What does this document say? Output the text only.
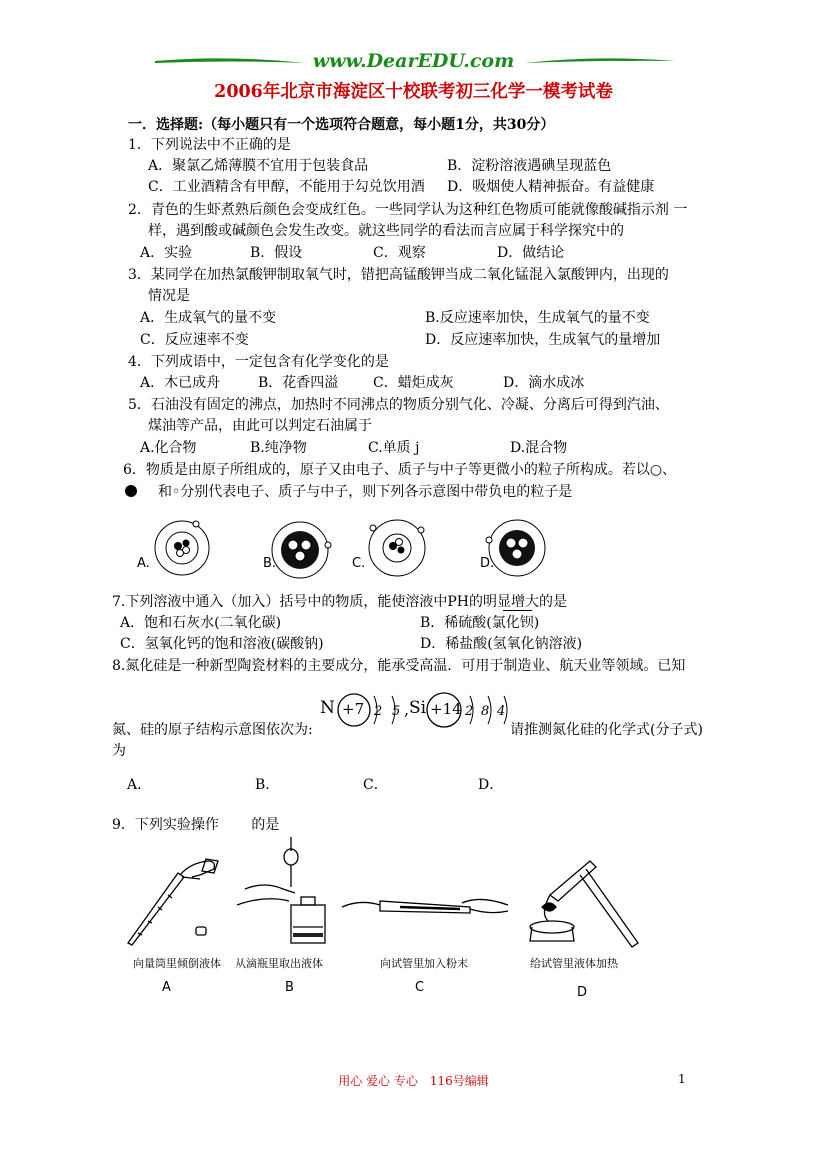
www.DearEDU.com
2006年北京市海淀区十校联考初三化学一模考试卷
一．选择题:（每小题只有一个选项符合题意，每小题1分，共30分）
1．下列说法中不正确的是
A．聚氯乙烯薄膜不宜用于包装食品	B．淀粉溶液遇碘呈现蓝色
C．工业酒精含有甲醇，不能用于勾兑饮用酒 D．吸烟使人精神振奋。有益健康
2．青色的生虾煮熟后颜色会变成红色。一些同学认为这种红色物质可能就像酸碱指示剂 一
样，遇到酸或碱颜色会发生改变。就这些同学的看法而言应属于科学探究中的
A．实验	B．假设	C．观察	D．做结论
3．某同学在加热氯酸钾制取氧气时，错把高锰酸钾当成二氧化锰混入氯酸钾内，出现的
情况是
A．生成氧气的量不变	B.反应速率加快，生成氧气的量不变
C．反应速率不变	D．反应速率加快，生成氧气的量增加
4．下列成语中，一定包含有化学变化的是
A．木已成舟	B．花香四溢 C．蜡炬成灰	D．滴水成冰
5．石油没有固定的沸点，加热时不同沸点的物质分别气化、冷凝、分离后可得到汽油、
煤油等产品，由此可以判定石油属于
A.化合物	B.纯净物	C.单质 j	D.混合物
6．物质是由原子所组成的，原子又由电子、质子与中子等更微小的粒子所构成。若以○、
和◦分别代表电子、质子与中子，则下列各示意图中带负电的粒子是
A.	B.	C.	D.
7.下列溶液中通入（加入）括号中的物质，能使溶液中PH的明显增大的是
A．饱和石灰水(二氧化碳)	B．稀硫酸(氯化钡)
C．氢氧化钙的饱和溶液(碳酸钠)	D．稀盐酸(氢氧化钠溶液)
8.氮化硅是一种新型陶瓷材料的主要成分，能承受高温．可用于制造业、航天业等领域。已知
N +7 2 5 , Si +14 2 8 4
氮、硅的原子结构示意图依次为:	请推测氮化硅的化学式(分子式)
为
A．	B．	C．	D．
9．下列实验操作　　 的是
向量筒里倾倒液体
A
从滴瓶里取出液体
B
向试管里加入粉末
C
给试管里液体加热
D
用心 爱心 专心　116号编辑	1
